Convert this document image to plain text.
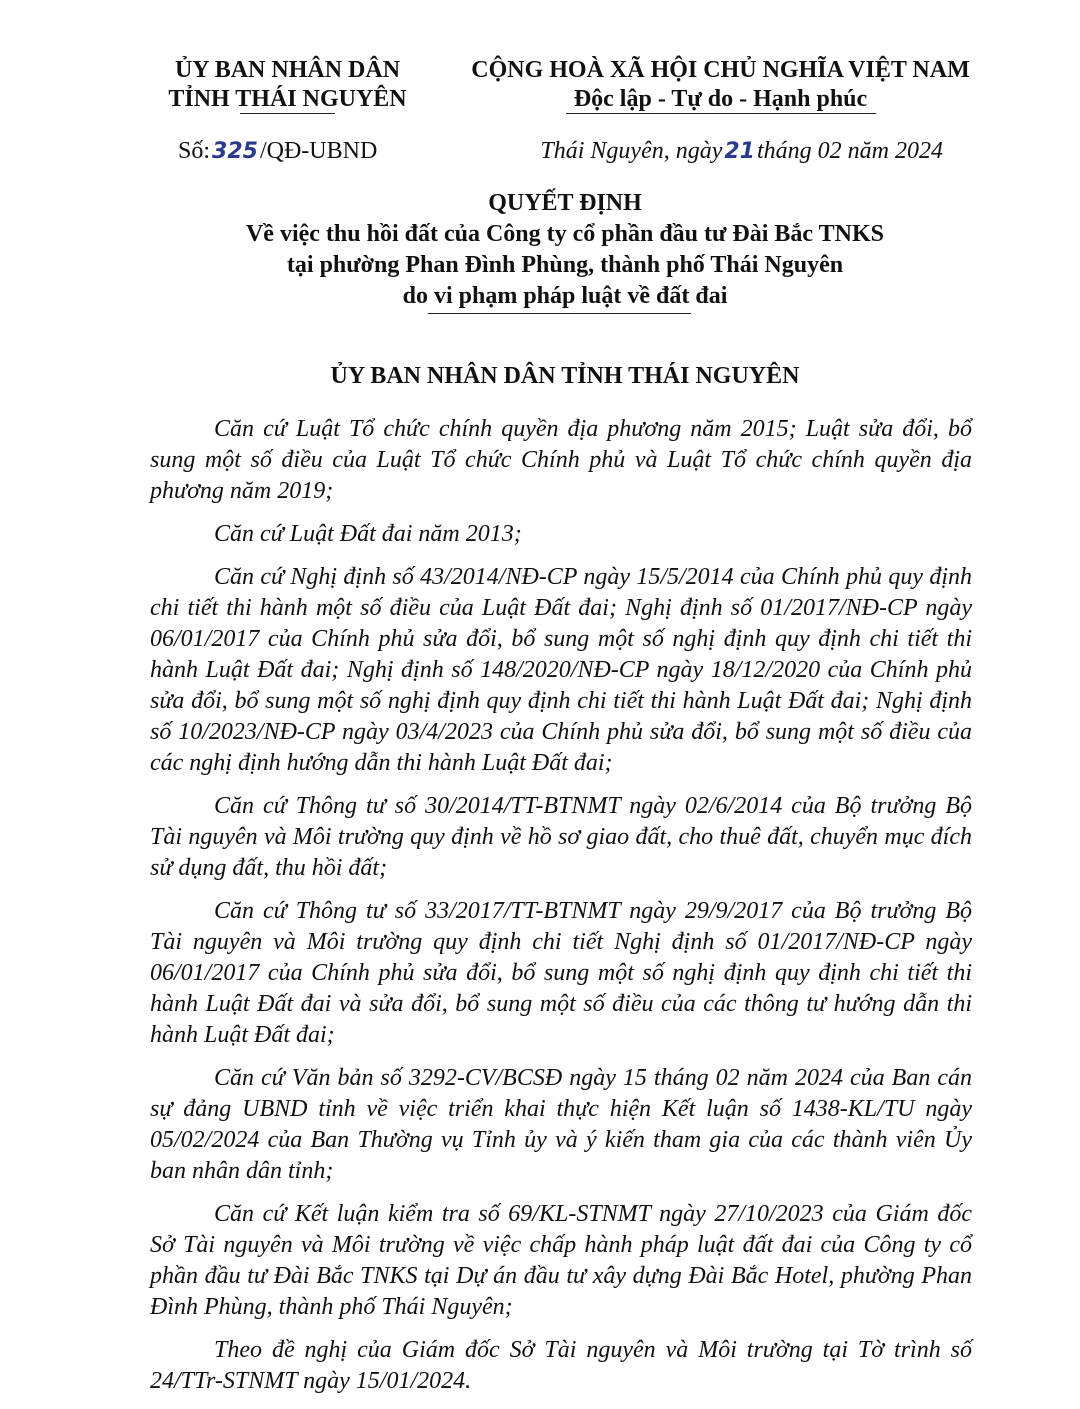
ỦY BAN NHÂN DÂN
TỈNH THÁI NGUYÊN
CỘNG HOÀ XÃ HỘI CHỦ NGHĨA VIỆT NAM
Độc lập - Tự do - Hạnh phúc
Số:325/QĐ-UBND	Thái Nguyên, ngày21tháng 02 năm 2024
QUYẾT ĐỊNH
Về việc thu hồi đất của Công ty cổ phần đầu tư Đài Bắc TNKS
tại phường Phan Đình Phùng, thành phố Thái Nguyên
do vi phạm pháp luật về đất đai
ỦY BAN NHÂN DÂN TỈNH THÁI NGUYÊN

Căn cứ Luật Tổ chức chính quyền địa phương năm 2015; Luật sửa đổi, bổ sung một số điều của Luật Tổ chức Chính phủ và Luật Tổ chức chính quyền địa phương năm 2019;

Căn cứ Luật Đất đai năm 2013;

Căn cứ Nghị định số 43/2014/NĐ-CP ngày 15/5/2014 của Chính phủ quy định chi tiết thi hành một số điều của Luật Đất đai; Nghị định số 01/2017/NĐ-CP ngày 06/01/2017 của Chính phủ sửa đổi, bổ sung một số nghị định quy định chi tiết thi hành Luật Đất đai; Nghị định số 148/2020/NĐ-CP ngày 18/12/2020 của Chính phủ sửa đổi, bổ sung một số nghị định quy định chi tiết thi hành Luật Đất đai; Nghị định số 10/2023/NĐ-CP ngày 03/4/2023 của Chính phủ sửa đổi, bổ sung một số điều của các nghị định hướng dẫn thi hành Luật Đất đai;

Căn cứ Thông tư số 30/2014/TT-BTNMT ngày 02/6/2014 của Bộ trưởng Bộ Tài nguyên và Môi trường quy định về hồ sơ giao đất, cho thuê đất, chuyển mục đích sử dụng đất, thu hồi đất;

Căn cứ Thông tư số 33/2017/TT-BTNMT ngày 29/9/2017 của Bộ trưởng Bộ Tài nguyên và Môi trường quy định chi tiết Nghị định số 01/2017/NĐ-CP ngày 06/01/2017 của Chính phủ sửa đổi, bổ sung một số nghị định quy định chi tiết thi hành Luật Đất đai và sửa đổi, bổ sung một số điều của các thông tư hướng dẫn thi hành Luật Đất đai;

Căn cứ Văn bản số 3292-CV/BCSĐ ngày 15 tháng 02 năm 2024 của Ban cán sự đảng UBND tỉnh về việc triển khai thực hiện Kết luận số 1438-KL/TU ngày 05/02/2024 của Ban Thường vụ Tỉnh ủy và ý kiến tham gia của các thành viên Ủy ban nhân dân tỉnh;

Căn cứ Kết luận kiểm tra số 69/KL-STNMT ngày 27/10/2023 của Giám đốc Sở Tài nguyên và Môi trường về việc chấp hành pháp luật đất đai của Công ty cổ phần đầu tư Đài Bắc TNKS tại Dự án đầu tư xây dựng Đài Bắc Hotel, phường Phan Đình Phùng, thành phố Thái Nguyên;

Theo đề nghị của Giám đốc Sở Tài nguyên và Môi trường tại Tờ trình số 24/TTr-STNMT ngày 15/01/2024.
